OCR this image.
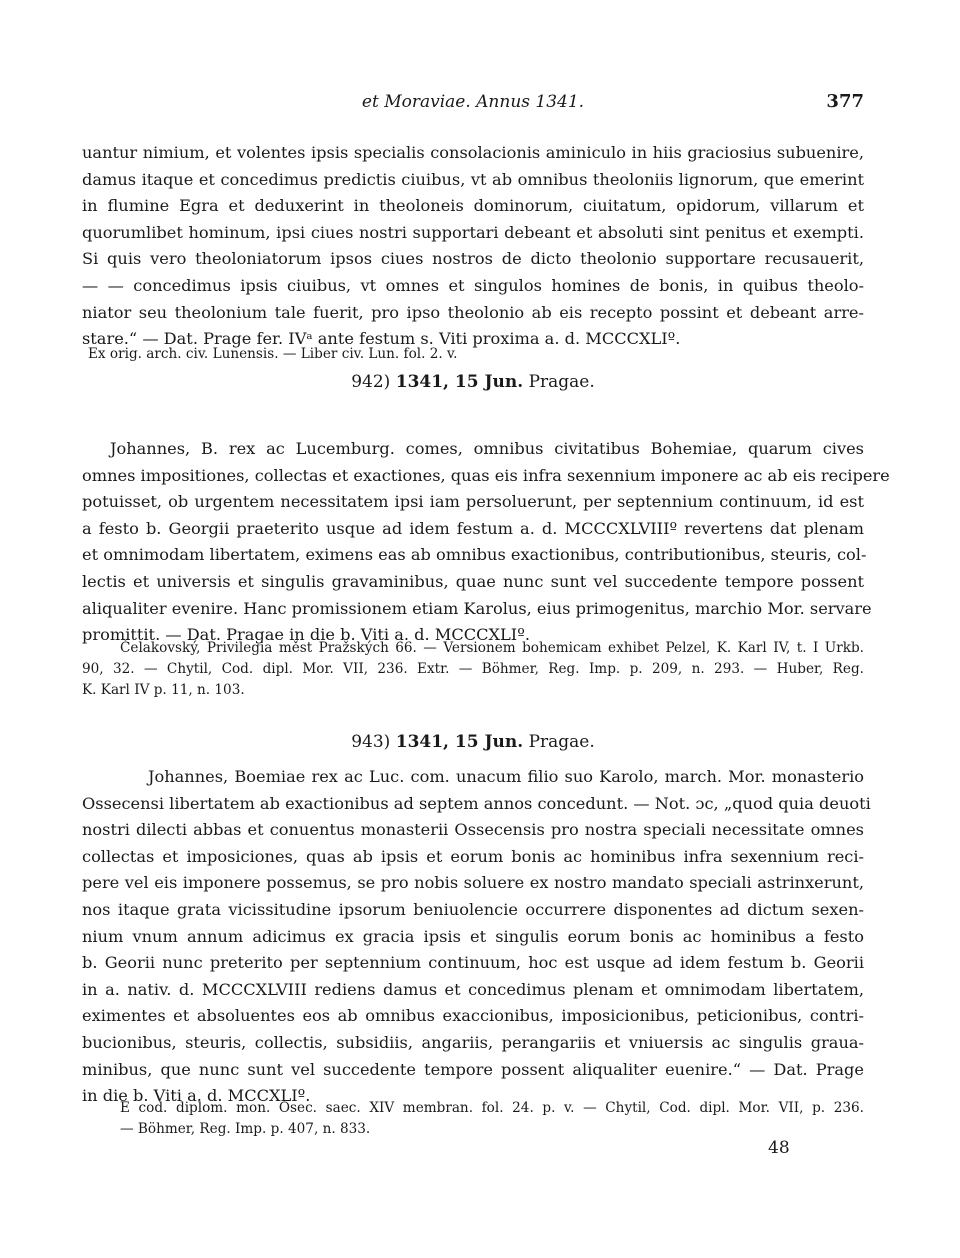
et Moraviae. Annus 1341.	377
uantur nimium, et volentes ipsis specialis consolacionis aminiculo in hiis graciosius subuenire,
damus itaque et concedimus predictis ciuibus, vt ab omnibus theoloniis lignorum, que emerint
in flumine Egra et deduxerint in theoloneis dominorum, ciuitatum, opidorum, villarum et
quorumlibet hominum, ipsi ciues nostri supportari debeant et absoluti sint penitus et exempti.
Si quis vero theoloniatorum ipsos ciues nostros de dicto theolonio supportare recusauerit,
— — concedimus ipsis ciuibus, vt omnes et singulos homines de bonis, in quibus theolo-
niator seu theolonium tale fuerit, pro ipso theolonio ab eis recepto possint et debeant arre-
stare.“ — Dat. Prage fer. IVᵃ ante festum s. Viti proxima a. d. MCCCXLIº.
Ex orig. arch. civ. Lunensis. — Liber civ. Lun. fol. 2. v.
942) 1341, 15 Jun. Pragae.
Johannes, B. rex ac Lucemburg. comes, omnibus civitatibus Bohemiae, quarum cives
omnes impositiones, collectas et exactiones, quas eis infra sexennium imponere ac ab eis recipere
potuisset, ob urgentem necessitatem ipsi iam persoluerunt, per septennium continuum, id est
a festo b. Georgii praeterito usque ad idem festum a. d. MCCCXLVIIIº revertens dat plenam
et omnimodam libertatem, eximens eas ab omnibus exactionibus, contributionibus, steuris, col-
lectis et universis et singulis gravaminibus, quae nunc sunt vel succedente tempore possent
aliqualiter evenire. Hanc promissionem etiam Karolus, eius primogenitus, marchio Mor. servare
promittit. — Dat. Pragae in die b. Viti a. d. MCCCXLIº.
Čelakovský, Privilegia měst Pražských 66. — Versionem bohemicam exhibet Pelzel, K. Karl IV, t. I Urkb.
90, 32. — Chytil, Cod. dipl. Mor. VII, 236. Extr. — Böhmer, Reg. Imp. p. 209, n. 293. — Huber, Reg.
K. Karl IV p. 11, n. 103.
943) 1341, 15 Jun. Pragae.
Johannes, Boemiae rex ac Luc. com. unacum filio suo Karolo, march. Mor. monasterio
Ossecensi libertatem ab exactionibus ad septem annos concedunt. — Not. ɔc, „quod quia deuoti
nostri dilecti abbas et conuentus monasterii Ossecensis pro nostra speciali necessitate omnes
collectas et imposiciones, quas ab ipsis et eorum bonis ac hominibus infra sexennium reci-
pere vel eis imponere possemus, se pro nobis soluere ex nostro mandato speciali astrinxerunt,
nos itaque grata vicissitudine ipsorum beniuolencie occurrere disponentes ad dictum sexen-
nium vnum annum adicimus ex gracia ipsis et singulis eorum bonis ac hominibus a festo
b. Georii nunc preterito per septennium continuum, hoc est usque ad idem festum b. Georii
in a. nativ. d. MCCCXLVIII rediens damus et concedimus plenam et omnimodam libertatem,
eximentes et absoluentes eos ab omnibus exaccionibus, imposicionibus, peticionibus, contri-
bucionibus, steuris, collectis, subsidiis, angariis, perangariis et vniuersis ac singulis graua-
minibus, que nunc sunt vel succedente tempore possent aliqualiter euenire.“ — Dat. Prage
in die b. Viti a. d. MCCXLIº.
E cod. diplom. mon. Osec. saec. XIV membran. fol. 24. p. v. — Chytil, Cod. dipl. Mor. VII, p. 236.
— Böhmer, Reg. Imp. p. 407, n. 833.
48
